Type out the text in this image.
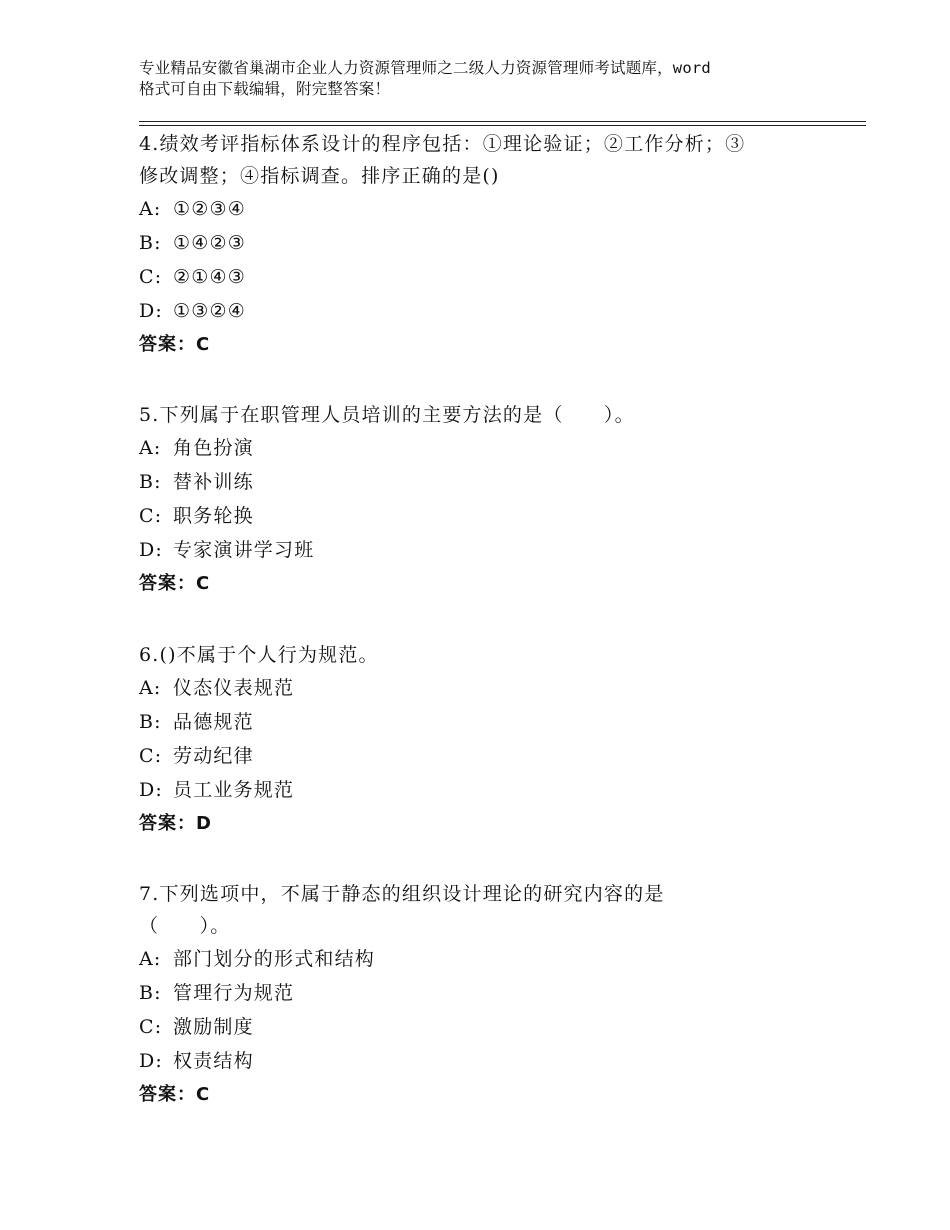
专业精品安徽省巢湖市企业人力资源管理师之二级人力资源管理师考试题库，word
格式可自由下载编辑，附完整答案！
4.绩效考评指标体系设计的程序包括：①理论验证；②工作分析；③
修改调整；④指标调查。排序正确的是()
A: ①②③④
B: ①④②③
C: ②①④③
D: ①③②④
答案：C
5.下列属于在职管理人员培训的主要方法的是（　　）。
A: 角色扮演
B: 替补训练
C: 职务轮换
D: 专家演讲学习班
答案：C
6.()不属于个人行为规范。
A: 仪态仪表规范
B: 品德规范
C: 劳动纪律
D: 员工业务规范
答案：D
7.下列选项中，不属于静态的组织设计理论的研究内容的是
（　　）。
A: 部门划分的形式和结构
B: 管理行为规范
C: 激励制度
D: 权责结构
答案：C
